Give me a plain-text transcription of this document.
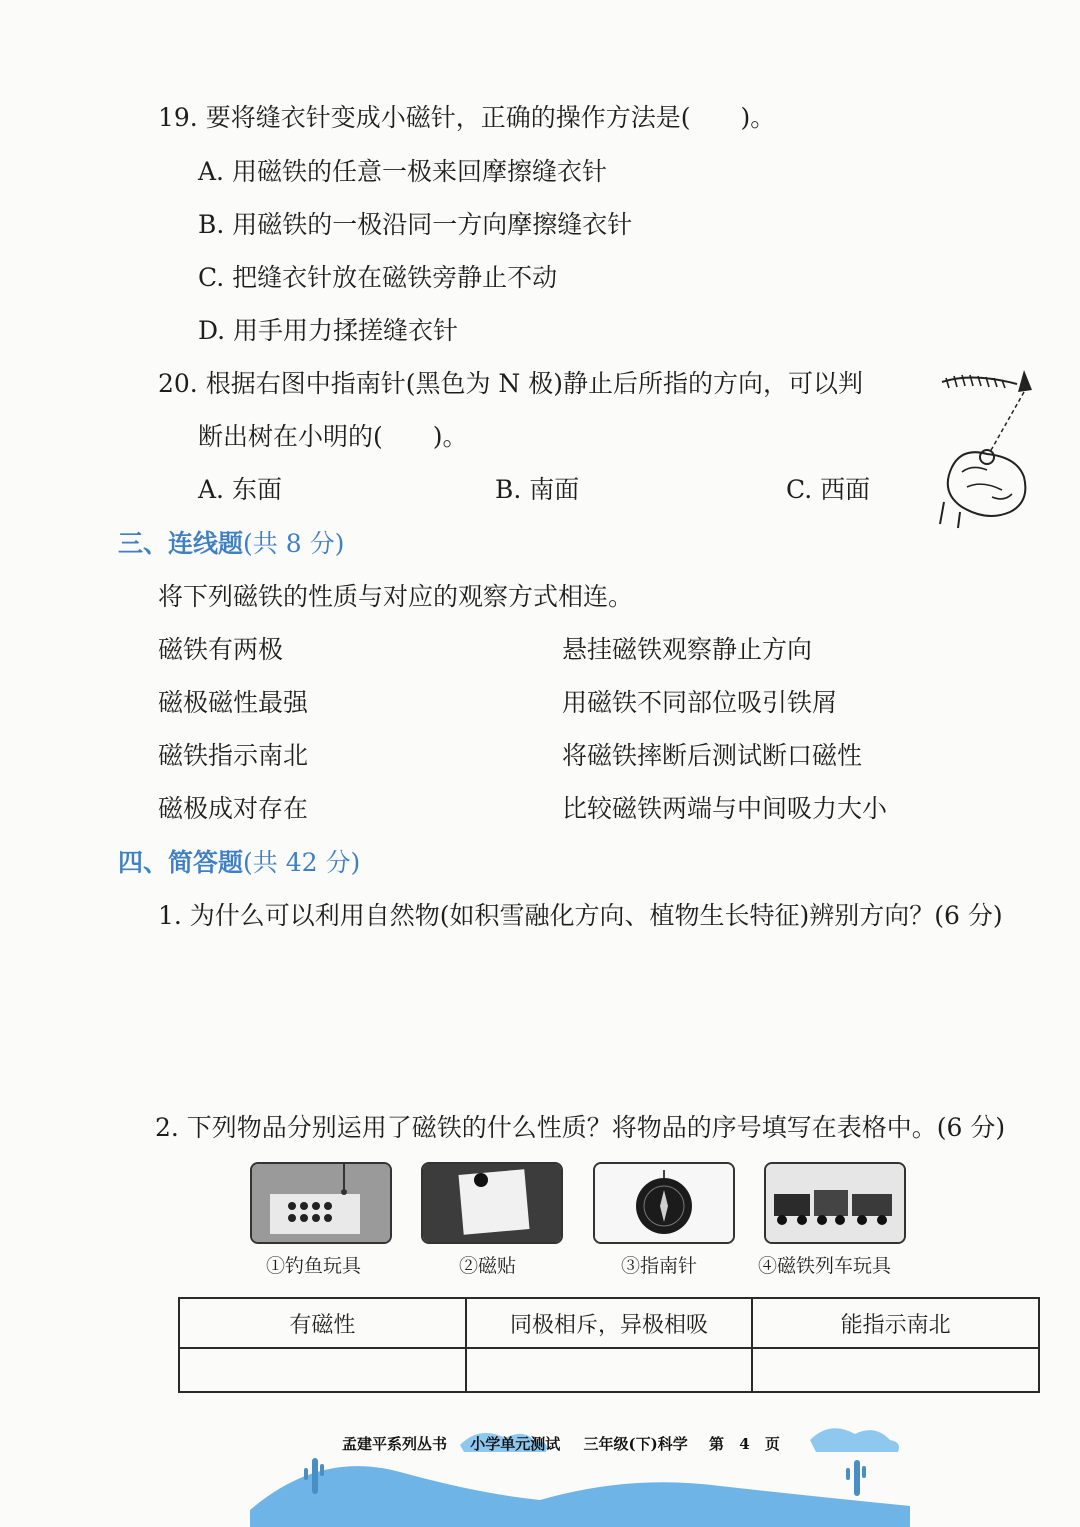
19. 要将缝衣针变成小磁针，正确的操作方法是(　　)。
A. 用磁铁的任意一极来回摩擦缝衣针
B. 用磁铁的一极沿同一方向摩擦缝衣针
C. 把缝衣针放在磁铁旁静止不动
D. 用手用力揉搓缝衣针
20. 根据右图中指南针(黑色为 N 极)静止后所指的方向，可以判
断出树在小明的(　　)。
A. 东面	B. 南面	C. 西面
三、连线题(共 8 分)
将下列磁铁的性质与对应的观察方式相连。
磁铁有两极
磁极磁性最强
磁铁指示南北
磁极成对存在
悬挂磁铁观察静止方向
用磁铁不同部位吸引铁屑
将磁铁摔断后测试断口磁性
比较磁铁两端与中间吸力大小
四、简答题(共 42 分)
1. 为什么可以利用自然物(如积雪融化方向、植物生长特征)辨别方向？(6 分)
2. 下列物品分别运用了磁铁的什么性质？将物品的序号填写在表格中。(6 分)
①钓鱼玩具	②磁贴	③指南针	④磁铁列车玩具
有磁性	同极相斥，异极相吸	能指示南北

孟建平系列丛书 小学单元测试 三年级(下)科学 第 4 页
